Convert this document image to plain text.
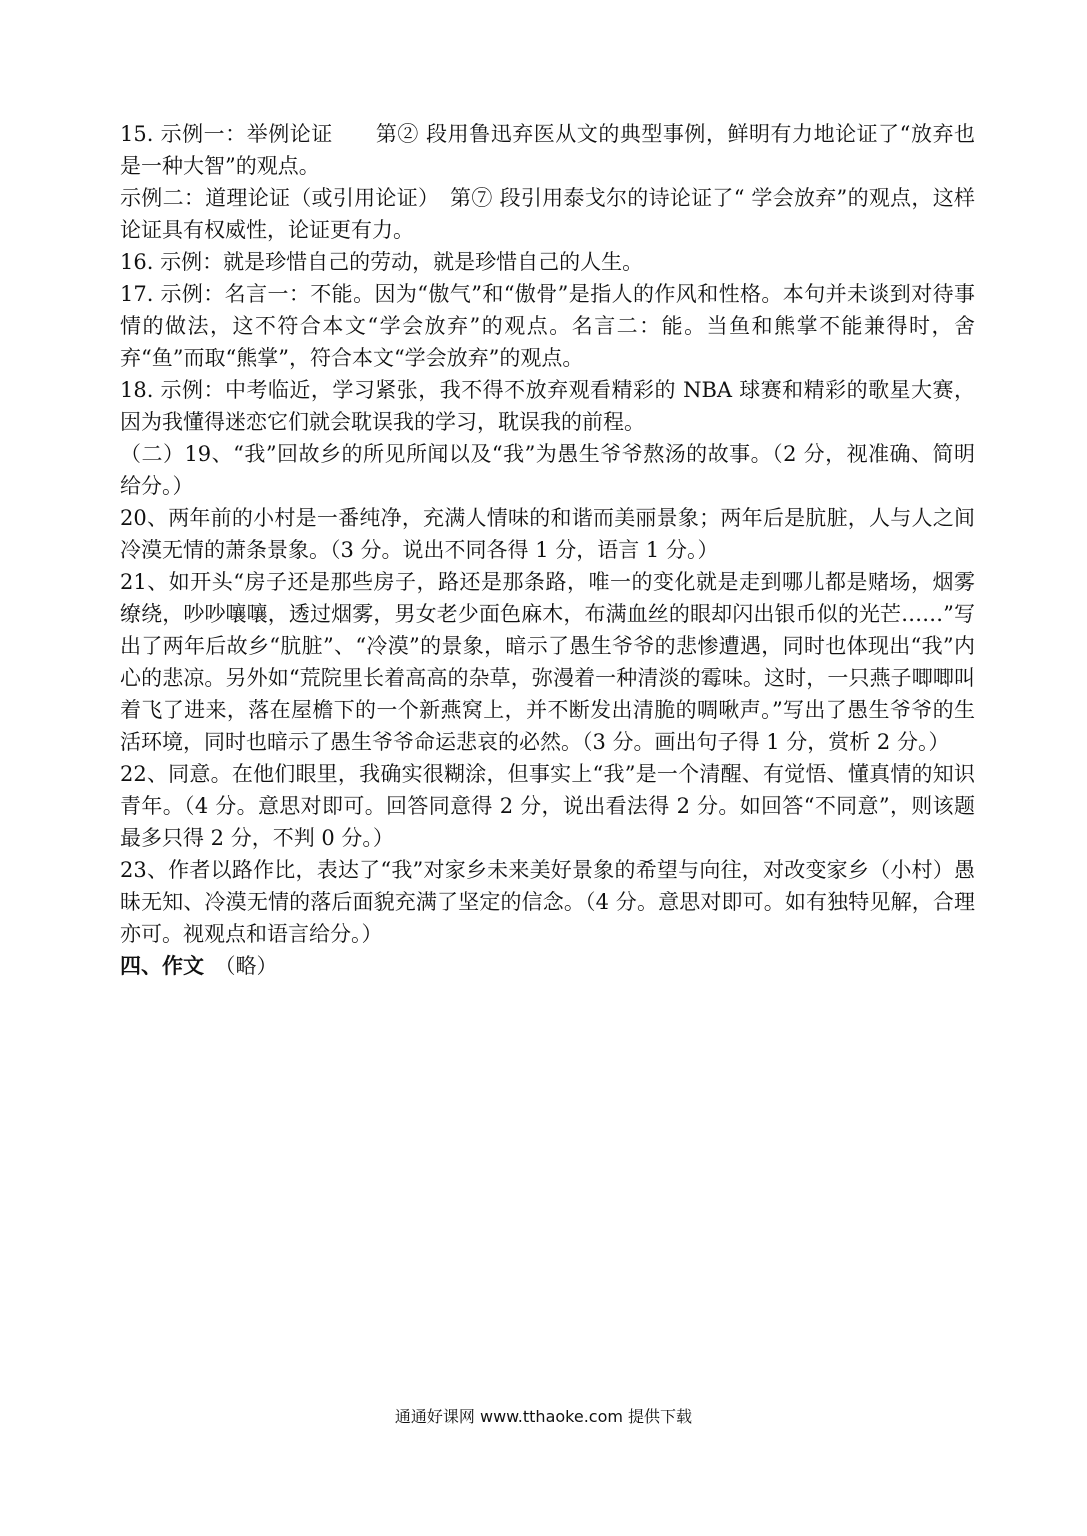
15. 示例一：举例论证　　第② 段用鲁迅弃医从文的典型事例，鲜明有力地论证了“放弃也是一种大智”的观点。

示例二：道理论证（或引用论证）　第⑦ 段引用泰戈尔的诗论证了“ 学会放弃”的观点，这样论证具有权威性，论证更有力。

16. 示例：就是珍惜自己的劳动，就是珍惜自己的人生。

17. 示例：名言一：不能。因为“傲气”和“傲骨”是指人的作风和性格。本句并未谈到对待事情的做法，这不符合本文“学会放弃”的观点。名言二：能。当鱼和熊掌不能兼得时，舍弃“鱼”而取“熊掌”，符合本文“学会放弃”的观点。

18. 示例：中考临近，学习紧张，我不得不放弃观看精彩的 NBA 球赛和精彩的歌星大赛，因为我懂得迷恋它们就会耽误我的学习，耽误我的前程。

（二）19、“我”回故乡的所见所闻以及“我”为愚生爷爷熬汤的故事。（2 分，视准确、简明给分。）

20、两年前的小村是一番纯净，充满人情味的和谐而美丽景象；两年后是肮脏，人与人之间冷漠无情的萧条景象。（3 分。说出不同各得 1 分，语言 1 分。）

21、如开头“房子还是那些房子，路还是那条路，唯一的变化就是走到哪儿都是赌场，烟雾缭绕，吵吵嚷嚷，透过烟雾，男女老少面色麻木，布满血丝的眼却闪出银币似的光芒……”写出了两年后故乡“肮脏”、“冷漠”的景象，暗示了愚生爷爷的悲惨遭遇，同时也体现出“我”内心的悲凉。另外如“荒院里长着高高的杂草，弥漫着一种清淡的霉味。这时，一只燕子唧唧叫着飞了进来，落在屋檐下的一个新燕窝上，并不断发出清脆的啁啾声。”写出了愚生爷爷的生活环境，同时也暗示了愚生爷爷命运悲哀的必然。（3 分。画出句子得 1 分，赏析 2 分。）

22、同意。在他们眼里，我确实很糊涂，但事实上“我”是一个清醒、有觉悟、懂真情的知识青年。（4 分。意思对即可。回答同意得 2 分，说出看法得 2 分。如回答“不同意”，则该题最多只得 2 分，不判 0 分。）

23、作者以路作比，表达了“我”对家乡未来美好景象的希望与向往，对改变家乡（小村）愚昧无知、冷漠无情的落后面貌充满了坚定的信念。（4 分。意思对即可。如有独特见解，合理亦可。视观点和语言给分。）

四、作文　 （略）

通通好课网 www.tthaoke.com 提供下载
